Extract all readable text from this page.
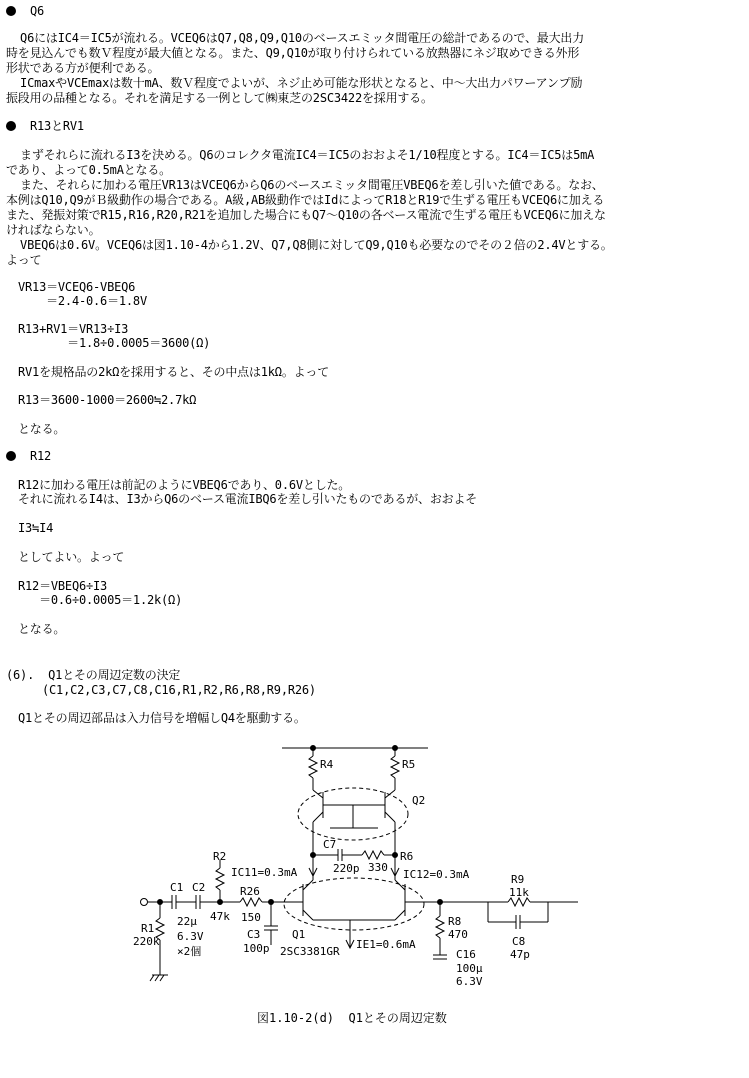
Q6
Q6にはIC4＝IC5が流れる。VCEQ6はQ7,Q8,Q9,Q10のベースエミッタ間電圧の総計であるので、最大出力
時を見込んでも数Ｖ程度が最大値となる。また、Q9,Q10が取り付けられている放熱器にネジ取めできる外形
形状である方が便利である。
ICmaxやVCEmaxは数十mA、数Ｖ程度でよいが、ネジ止め可能な形状となると、中～大出力パワーアンプ励
振段用の品種となる。それを満足する一例として㈱東芝の2SC3422を採用する。
R13とRV1
まずそれらに流れるI3を決める。Q6のコレクタ電流IC4＝IC5のおおよそ1/10程度とする。IC4＝IC5は5mA
であり、よって0.5mAとなる。
また、それらに加わる電圧VR13はVCEQ6からQ6のベースエミッタ間電圧VBEQ6を差し引いた値である。なお、
本例はQ10,Q9がＢ級動作の場合である。A級,AB級動作ではIdによってR18とR19で生ずる電圧もVCEQ6に加える
また、発振対策でR15,R16,R20,R21を追加した場合にもQ7～Q10の各ベース電流で生ずる電圧もVCEQ6に加えな
ければならない。
VBEQ6は0.6V。VCEQ6は図1.10-4から1.2V、Q7,Q8側に対してQ9,Q10も必要なのでその２倍の2.4Vとする。
よって
VR13＝VCEQ6-VBEQ6
＝2.4-0.6＝1.8V
R13+RV1＝VR13÷I3
＝1.8÷0.0005＝3600(Ω)
RV1を規格品の2kΩを採用すると、その中点は1kΩ。よって
R13＝3600-1000＝2600≒2.7kΩ
となる。
R12
R12に加わる電圧は前記のようにVBEQ6であり、0.6Vとした。
それに流れるI4は、I3からQ6のベース電流IBQ6を差し引いたものであるが、おおよそ
I3≒I4
としてよい。よって
R12＝VBEQ6÷I3
＝0.6÷0.0005＝1.2k(Ω)
となる。
(6).  Q1とその周辺定数の決定
(C1,C2,C3,C7,C8,C16,R1,R2,R6,R8,R9,R26)
Q1とその周辺部品は入力信号を増幅しQ4を駆動する。
R4	R5
Q2
C7
220p
R6
330
R2
47k
IC11=0.3mA	IC12=0.3mA
C1 C2
22μ
6.3V
×2個
R26
150
R1
220k
C3
100p
Q1
2SC3381GR
IE1=0.6mA
R8
470
C16
100μ
6.3V
R9
11k
C8
47p
図1.10-2(d)  Q1とその周辺定数
